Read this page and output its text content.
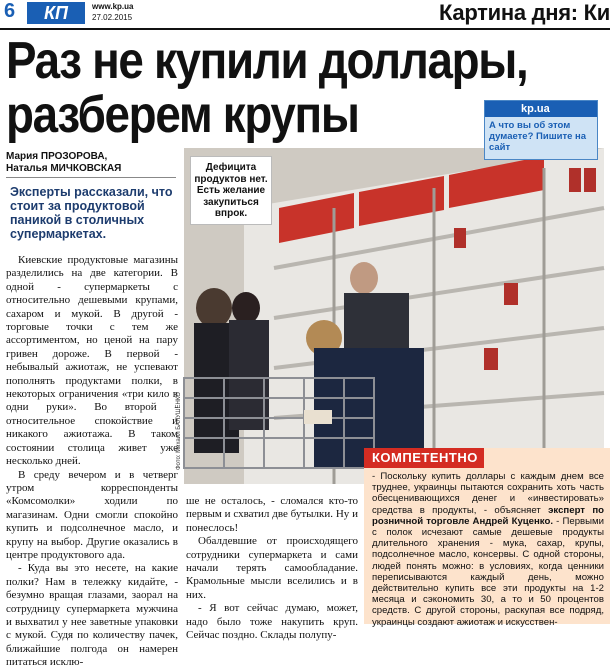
6	КП	www.kp.ua
27.02.2015	Картина дня: Ки
Раз не купили доллары,
разберем крупы
Мария ПРОЗОРОВА,
Наталья МИЧКОВСКАЯ
Эксперты рассказали, что стоит за продуктовой паникой в столичных супермаркетах.

Киевские продуктовые магазины разделились на две категории. В одной - супермаркеты с относительно дешевыми крупами, сахаром и мукой. В другой - торговые точки с тем же ассортиментом, но ценой на пару гривен дороже. В первой - небывалый ажиотаж, не успевают пополнять продуктами полки, в некоторых ограничения «три кило в одни руки». Во второй - относительное спокойствие и никакого ажиотажа. В таком состоянии столица живет уже несколько дней.

В среду вечером и в четверг утром корреспонденты «Комсомолки» ходили по магазинам. Одни смогли спокойно купить и подсолнечное масло, и крупу на выбор. Другие оказались в центре продуктового ада.

- Куда вы это несете, на какие полки? Нам в тележку кидайте, - безумно вращая глазами, заорал на сотрудницу супермаркета мужчина и выхватил у нее заветные упаковки с мукой. Судя по количеству пачек, ближайшие полгода он намерен питаться исклю-

Дефицита продуктов нет. Есть желание закупиться впрок.
Фото: Михаил БАЛУШЕНКО
kp.ua
А что вы об этом думаете? Пишите на сайт

ше не осталось, - сломался кто-то первым и схватил две бутылки. Ну и понеслось!

Обалдевшие от происходящего сотрудники супермаркета и сами начали терять самообладание. Крамольные мысли вселились и в них.

- Я вот сейчас думаю, может, надо было тоже накупить круп. Сейчас поздно. Склады полупу-

КОМПЕТЕНТНО
- Поскольку купить доллары с каждым днем все труднее, украинцы пытаются сохранить хоть часть обесценивающихся денег и «инвестировать» средства в продукты, - объясняет эксперт по розничной торговле Андрей Куценко. - Первыми с полок исчезают самые дешевые продукты длительного хранения - мука, сахар, крупы, подсолнечное масло, консервы. С одной стороны, людей понять можно: в условиях, когда ценники переписываются каждый день, можно действительно купить все эти продукты на 1-2 месяца и сэкономить 30, а то и 50 процентов средств. С другой стороны, раскупая все подряд, украинцы создают ажиотаж и искусствен-
